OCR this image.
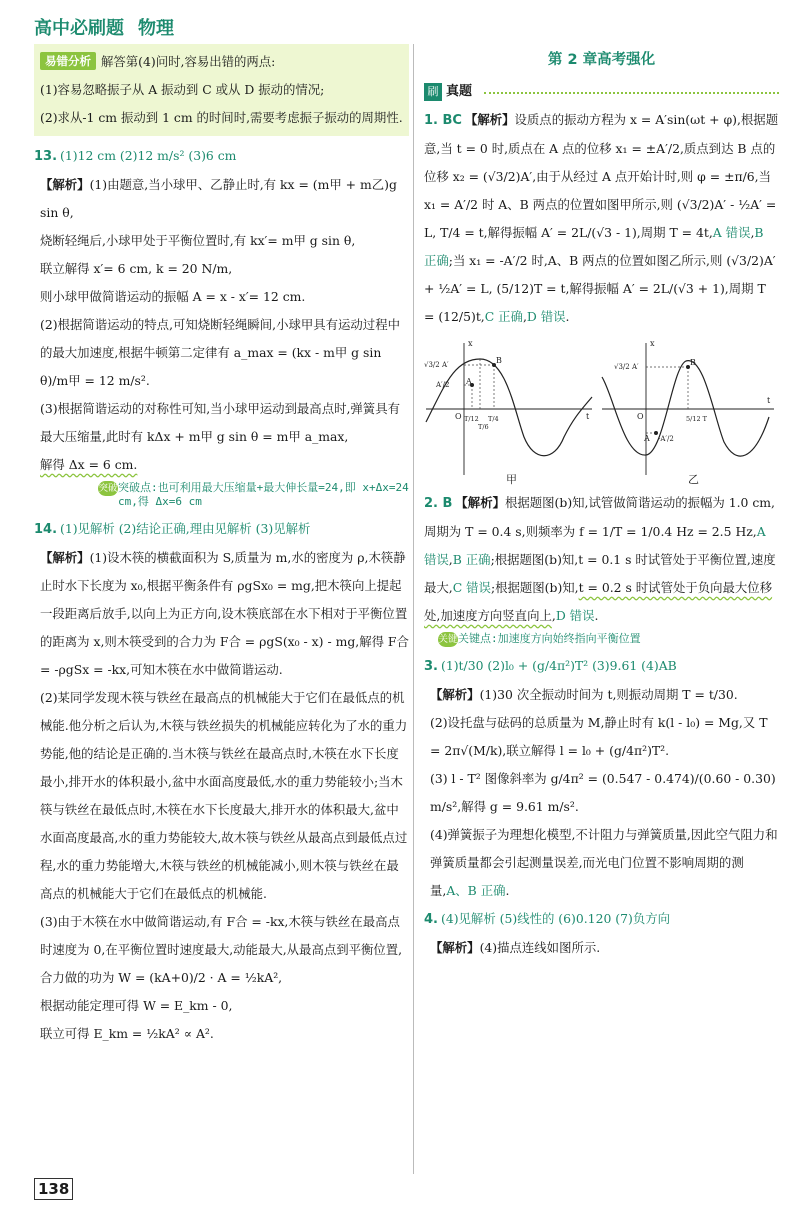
高中必刷题 物理

易错分析 解答第(4)问时,容易出错的两点:

(1)容易忽略振子从 A 振动到 C 或从 D 振动的情况;

(2)求从-1 cm 振动到 1 cm 的时间时,需要考虑振子振动的周期性.

13. (1)12 cm (2)12 m/s² (3)6 cm

【解析】(1)由题意,当小球甲、乙静止时,有 kx = (m甲 + m乙)g sin θ,

烧断轻绳后,小球甲处于平衡位置时,有 kx′= m甲 g sin θ,

联立解得 x′= 6 cm, k = 20 N/m,

则小球甲做简谐运动的振幅 A = x - x′= 12 cm.

(2)根据简谐运动的特点,可知烧断轻绳瞬间,小球甲具有运动过程中的最大加速度,根据牛顿第二定律有 a_max = (kx - m甲 g sin θ)/m甲 = 12 m/s².

(3)根据简谐运动的对称性可知,当小球甲运动到最高点时,弹簧具有最大压缩量,此时有 kΔx + m甲 g sin θ = m甲 a_max,

解得 Δx = 6 cm.

突破 突破点:也可利用最大压缩量+最大伸长量=24,即 x+Δx=24 cm,得 Δx=6 cm

14. (1)见解析 (2)结论正确,理由见解析 (3)见解析

【解析】(1)设木筷的横截面积为 S,质量为 m,水的密度为 ρ,木筷静止时水下长度为 x₀,根据平衡条件有 ρgSx₀ = mg,把木筷向上提起一段距离后放手,以向上为正方向,设木筷底部在水下相对于平衡位置的距离为 x,则木筷受到的合力为 F合 = ρgS(x₀ - x) - mg,解得 F合 = -ρgSx = -kx,可知木筷在水中做简谐运动.

(2)某同学发现木筷与铁丝在最高点的机械能大于它们在最低点的机械能.他分析之后认为,木筷与铁丝损失的机械能应转化为了水的重力势能,他的结论是正确的.当木筷与铁丝在最高点时,木筷在水下长度最小,排开水的体积最小,盆中水面高度最低,水的重力势能较小;当木筷与铁丝在最低点时,木筷在水下长度最大,排开水的体积最大,盆中水面高度最高,水的重力势能较大,故木筷与铁丝从最高点到最低点过程,水的重力势能增大,木筷与铁丝的机械能减小,则木筷与铁丝在最高点的机械能大于它们在最低点的机械能.

(3)由于木筷在水中做简谐运动,有 F合 = -kx,木筷与铁丝在最高点时速度为 0,在平衡位置时速度最大,动能最大,从最高点到平衡位置,合力做的功为 W = (kA+0)/2 · A = ½kA²,

根据动能定理可得 W = E_km - 0,

联立可得 E_km = ½kA² ∝ A².

第 2 章高考强化
刷 真题

1. BC 【解析】设质点的振动方程为 x = A′sin(ωt + φ),根据题意,当 t = 0 时,质点在 A 点的位移 x₁ = ±A′/2,质点到达 B 点的位移 x₂ = (√3/2)A′,由于从经过 A 点开始计时,则 φ = ±π/6,当 x₁ = A′/2 时 A、B 两点的位置如图甲所示,则 (√3/2)A′ - ½A′ = L, T/4 = t,解得振幅 A′ = 2L/(√3 - 1),周期 T = 4t,A 错误,B 正确;当 x₁ = -A′/2 时,A、B 两点的位置如图乙所示,则 (√3/2)A′ + ½A′ = L, (5/12)T = t,解得振幅 A′ = 2L/(√3 + 1),周期 T = (12/5)t,C 正确,D 错误.

x
t
√3/2 A′
A′/2 A
B
O T/12
T/6
T/4
甲
x
t
√3/2 A′
-A′/2
A
B
O	5/12 T
乙

2. B 【解析】根据题图(b)知,试管做简谐运动的振幅为 1.0 cm,周期为 T = 0.4 s,则频率为 f = 1/T = 1/0.4 Hz = 2.5 Hz,A 错误,B 正确;根据题图(b)知,t = 0.1 s 时试管处于平衡位置,速度最大,C 错误;根据题图(b)知,t = 0.2 s 时试管处于负向最大位移处,加速度方向竖直向上,D 错误.

关键 关键点:加速度方向始终指向平衡位置

3. (1)t/30 (2)l₀ + (g/4π²)T² (3)9.61 (4)AB

【解析】(1)30 次全振动时间为 t,则振动周期 T = t/30.

(2)设托盘与砝码的总质量为 M,静止时有 k(l - l₀) = Mg,又 T = 2π√(M/k),联立解得 l = l₀ + (g/4π²)T².

(3) l - T² 图像斜率为 g/4π² = (0.547 - 0.474)/(0.60 - 0.30) m/s²,解得 g = 9.61 m/s².

(4)弹簧振子为理想化模型,不计阻力与弹簧质量,因此空气阻力和弹簧质量都会引起测量误差,而光电门位置不影响周期的测量,A、B 正确.

4. (4)见解析 (5)线性的 (6)0.120 (7)负方向

【解析】(4)描点连线如图所示.

138
